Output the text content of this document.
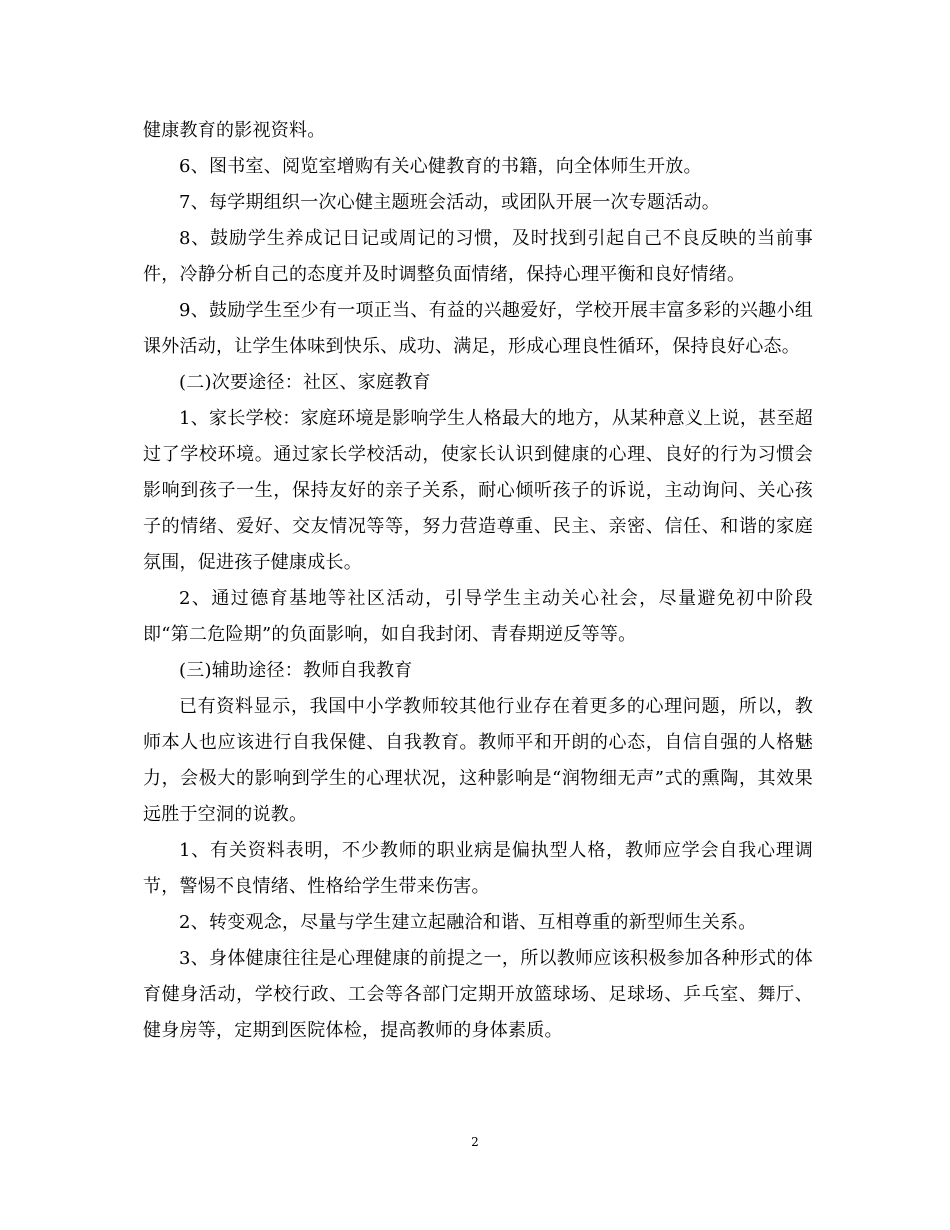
健康教育的影视资料。

6、图书室、阅览室增购有关心健教育的书籍，向全体师生开放。

7、每学期组织一次心健主题班会活动，或团队开展一次专题活动。

8、鼓励学生养成记日记或周记的习惯，及时找到引起自己不良反映的当前事件，冷静分析自己的态度并及时调整负面情绪，保持心理平衡和良好情绪。

9、鼓励学生至少有一项正当、有益的兴趣爱好，学校开展丰富多彩的兴趣小组课外活动，让学生体味到快乐、成功、满足，形成心理良性循环，保持良好心态。

(二)次要途径：社区、家庭教育

1、家长学校：家庭环境是影响学生人格最大的地方，从某种意义上说，甚至超过了学校环境。通过家长学校活动，使家长认识到健康的心理、良好的行为习惯会影响到孩子一生，保持友好的亲子关系，耐心倾听孩子的诉说，主动询问、关心孩子的情绪、爱好、交友情况等等，努力营造尊重、民主、亲密、信任、和谐的家庭氛围，促进孩子健康成长。

2、通过德育基地等社区活动，引导学生主动关心社会，尽量避免初中阶段即“第二危险期”的负面影响，如自我封闭、青春期逆反等等。

(三)辅助途径：教师自我教育

已有资料显示，我国中小学教师较其他行业存在着更多的心理问题，所以，教师本人也应该进行自我保健、自我教育。教师平和开朗的心态，自信自强的人格魅力，会极大的影响到学生的心理状况，这种影响是“润物细无声”式的熏陶，其效果远胜于空洞的说教。

1、有关资料表明，不少教师的职业病是偏执型人格，教师应学会自我心理调节，警惕不良情绪、性格给学生带来伤害。

2、转变观念，尽量与学生建立起融洽和谐、互相尊重的新型师生关系。

3、身体健康往往是心理健康的前提之一，所以教师应该积极参加各种形式的体育健身活动，学校行政、工会等各部门定期开放篮球场、足球场、乒乓室、舞厅、健身房等，定期到医院体检，提高教师的身体素质。

2
